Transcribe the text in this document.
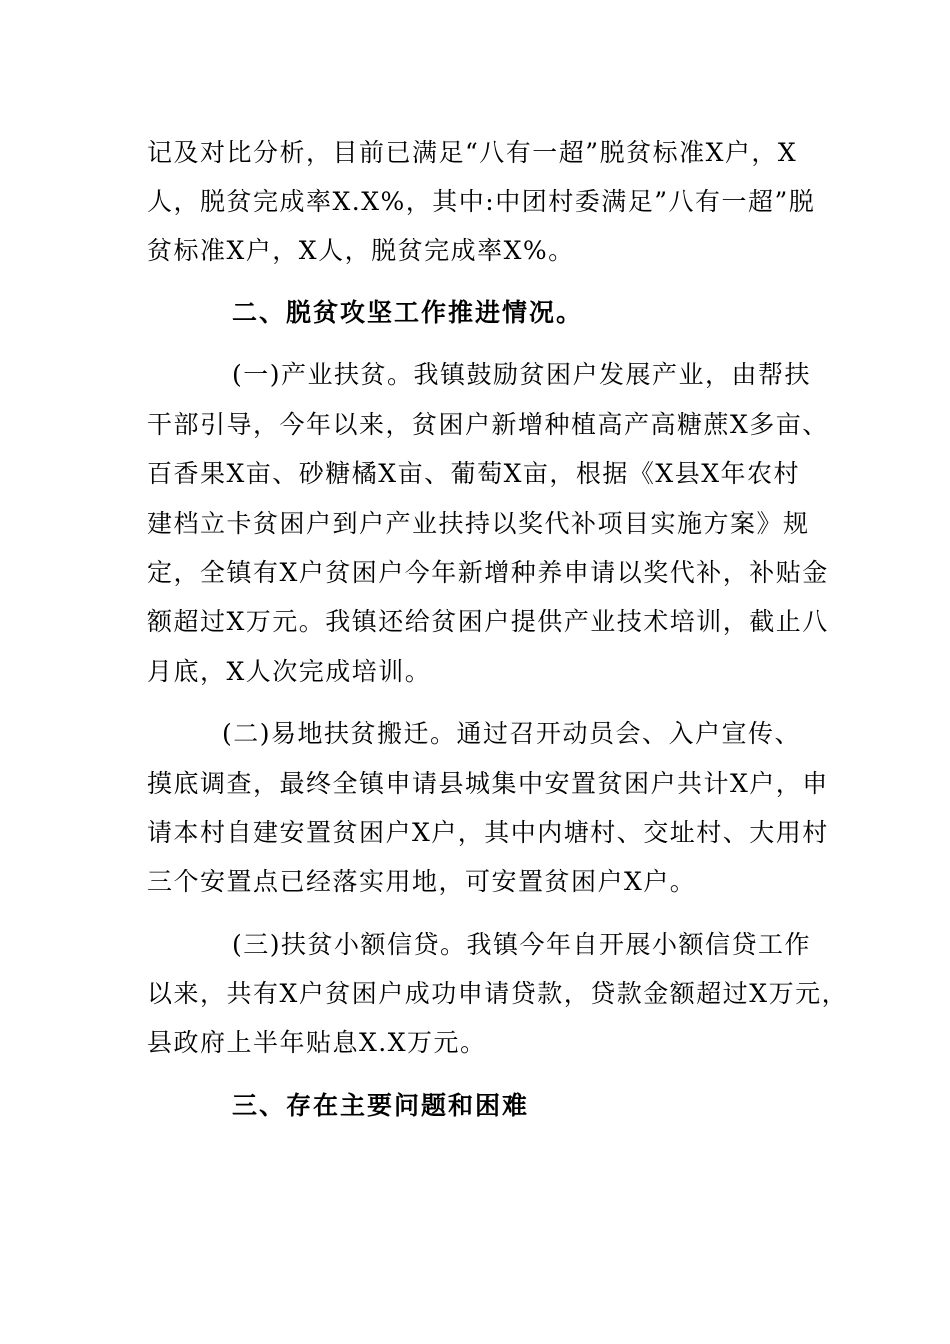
记及对比分析，目前已满足“八有一超”脱贫标准X户，X
人，脱贫完成率X.X%，其中:中团村委满足”八有一超”脱
贫标准X户，X人，脱贫完成率X%。
二、脱贫攻坚工作推进情况。
(一)产业扶贫。我镇鼓励贫困户发展产业，由帮扶
干部引导，今年以来，贫困户新增种植高产高糖蔗X多亩、
百香果X亩、砂糖橘X亩、葡萄X亩，根据《X县X年农村
建档立卡贫困户到户产业扶持以奖代补项目实施方案》规
定，全镇有X户贫困户今年新增种养申请以奖代补，补贴金
额超过X万元。我镇还给贫困户提供产业技术培训，截止八
月底，X人次完成培训。
(二)易地扶贫搬迁。通过召开动员会、入户宣传、
摸底调查，最终全镇申请县城集中安置贫困户共计X户，申
请本村自建安置贫困户X户，其中内塘村、交址村、大用村
三个安置点已经落实用地，可安置贫困户X户。
(三)扶贫小额信贷。我镇今年自开展小额信贷工作
以来，共有X户贫困户成功申请贷款，贷款金额超过X万元，
县政府上半年贴息X.X万元。
三、存在主要问题和困难
